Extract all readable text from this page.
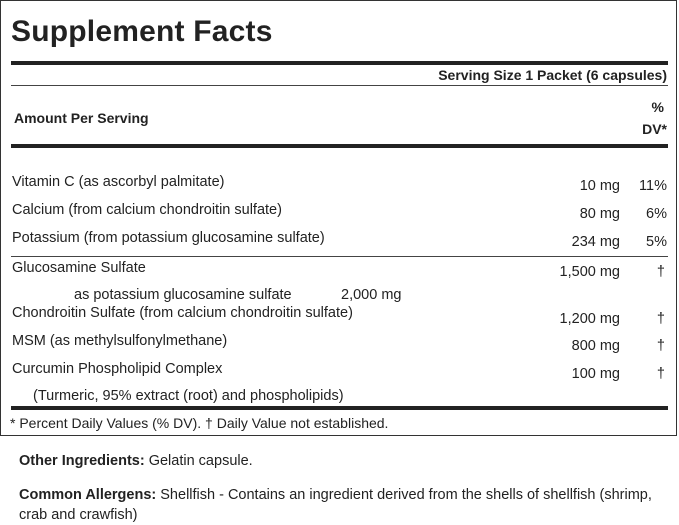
Supplement Facts
Serving Size 1 Packet (6 capsules)
Amount Per Serving
%
DV*
Vitamin C (as ascorbyl palmitate)	10 mg 11%
Calcium (from calcium chondroitin sulfate)	80 mg 6%
Potassium (from potassium glucosamine sulfate)	234 mg 5%
Glucosamine Sulfate	1,500 mg	†
as potassium glucosamine sulfate	2,000 mg
Chondroitin Sulfate (from calcium chondroitin sulfate)	1,200 mg	†
MSM (as methylsulfonylmethane)	800 mg	†
Curcumin Phospholipid Complex	100 mg	†
(Turmeric, 95% extract (root) and phospholipids)
* Percent Daily Values (% DV). † Daily Value not established.
Other Ingredients: Gelatin capsule.
Common Allergens: Shellfish - Contains an ingredient derived from the shells of shellfish (shrimp,
crab and crawfish)
